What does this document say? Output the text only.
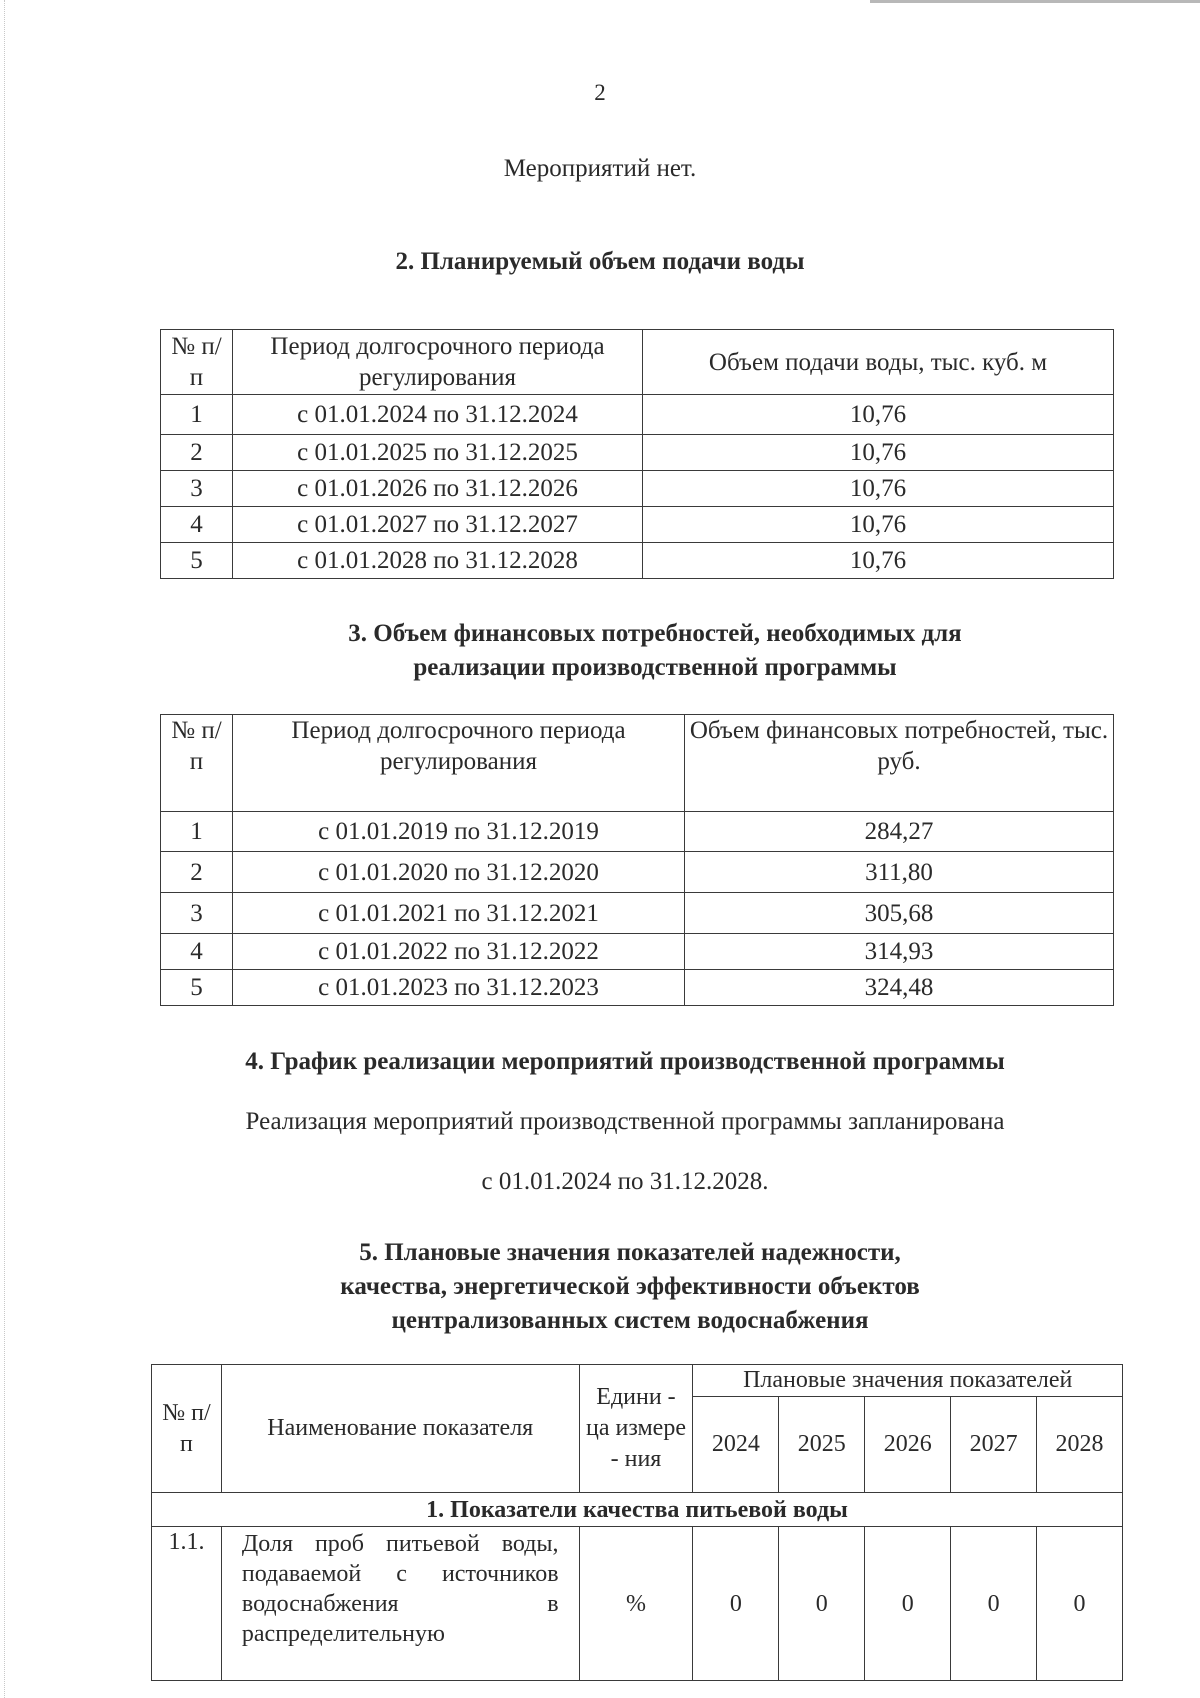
2
Мероприятий нет.
2. Планируемый объем подачи воды
№ п/п	Период долгосрочного периода регулирования	Объем подачи воды, тыс. куб. м
1	с 01.01.2024 по 31.12.2024	10,76
2	с 01.01.2025 по 31.12.2025	10,76
3	с 01.01.2026 по 31.12.2026	10,76
4	с 01.01.2027 по 31.12.2027	10,76
5	с 01.01.2028 по 31.12.2028	10,76
3. Объем финансовых потребностей, необходимых для
реализации производственной программы
№ п/п	Период долгосрочного периода регулирования	Объем финансовых потребностей, тыс. руб.
1	с 01.01.2019 по 31.12.2019	284,27
2	с 01.01.2020 по 31.12.2020	311,80
3	с 01.01.2021 по 31.12.2021	305,68
4	с 01.01.2022 по 31.12.2022	314,93
5	с 01.01.2023 по 31.12.2023	324,48
4. График реализации мероприятий производственной программы
Реализация мероприятий производственной программы запланирована
с 01.01.2024 по 31.12.2028.
5. Плановые значения показателей надежности,
качества, энергетической эффективности объектов
централизованных систем водоснабжения
№ п/п	Наименование показателя	Едини - ца измере - ния	Плановые значения показателей				
			2024	2025	2026	2027	2028
1. Показатели качества питьевой воды							
1.1.	Доля проб питьевой воды,
подаваемой с источников
водоснабжения в
распределительную	%	0	0	0	0	0
